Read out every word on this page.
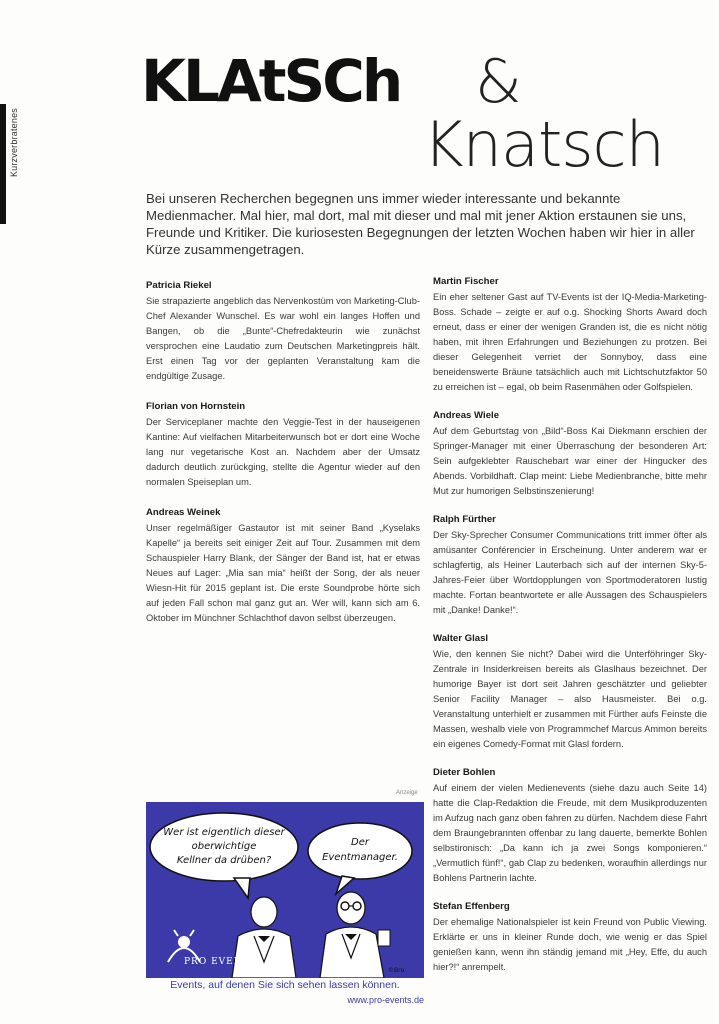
Kurzverbratenes
KLAtSCh &
Knatsch

Bei unseren Recherchen begegnen uns immer wieder interessante und bekannte Medienmacher. Mal hier, mal dort, mal mit dieser und mal mit jener Aktion erstaunen sie uns, Freunde und Kritiker. Die kuriosesten Begegnungen der letzten Wochen haben wir hier in aller Kürze zusammengetragen.

Patricia Riekel

Sie strapazierte angeblich das Nervenkostüm von Marketing-Club-Chef Alexander Wunschel. Es war wohl ein langes Hoffen und Bangen, ob die „Bunte“-Chefredakteurin wie zunächst versprochen eine Laudatio zum Deutschen Marketingpreis hält. Erst einen Tag vor der geplanten Veranstaltung kam die endgültige Zusage.

Florian von Hornstein

Der Serviceplaner machte den Veggie-Test in der hauseigenen Kantine: Auf vielfachen Mitarbeiterwunsch bot er dort eine Woche lang nur vegetarische Kost an. Nachdem aber der Umsatz dadurch deutlich zurückging, stellte die Agentur wieder auf den normalen Speiseplan um.

Andreas Weinek

Unser regelmäßiger Gastautor ist mit seiner Band „Kyselaks Kapelle“ ja bereits seit einiger Zeit auf Tour. Zusammen mit dem Schauspieler Harry Blank, der Sänger der Band ist, hat er etwas Neues auf Lager: „Mia san mia“ heißt der Song, der als neuer Wiesn-Hit für 2015 geplant ist. Die erste Soundprobe hörte sich auf jeden Fall schon mal ganz gut an. Wer will, kann sich am 6. Oktober im Münchner Schlachthof davon selbst überzeugen.

Martin Fischer

Ein eher seltener Gast auf TV-Events ist der IQ-Media-Marketing-Boss. Schade – zeigte er auf o.g. Shocking Shorts Award doch erneut, dass er einer der wenigen Granden ist, die es nicht nötig haben, mit ihren Erfahrungen und Beziehungen zu protzen. Bei dieser Gelegenheit verriet der Sonnyboy, dass eine beneidenswerte Bräune tatsächlich auch mit Lichtschutzfaktor 50 zu erreichen ist – egal, ob beim Rasenmähen oder Golfspielen.

Andreas Wiele

Auf dem Geburtstag von „Bild“-Boss Kai Diekmann erschien der Springer-Manager mit einer Überraschung der besonderen Art: Sein aufgeklebter Rauschebart war einer der Hingucker des Abends. Vorbildhaft. Clap meint: Liebe Medienbranche, bitte mehr Mut zur humorigen Selbstinszenierung!

Ralph Fürther

Der Sky-Sprecher Consumer Communications tritt immer öfter als amüsanter Conférencier in Erscheinung. Unter anderem war er schlagfertig, als Heiner Lauterbach sich auf der internen Sky-5-Jahres-Feier über Wortdopplungen von Sportmoderatoren lustig machte. Fortan beantwortete er alle Aussagen des Schauspielers mit „Danke! Danke!“.

Walter Glasl

Wie, den kennen Sie nicht? Dabei wird die Unterföhringer Sky-Zentrale in Insiderkreisen bereits als Glaslhaus bezeichnet. Der humorige Bayer ist dort seit Jahren geschätzter und geliebter Senior Facility Manager – also Hausmeister. Bei o.g. Veranstaltung unterhielt er zusammen mit Fürther aufs Feinste die Massen, weshalb viele von Programmchef Marcus Ammon bereits ein eigenes Comedy-Format mit Glasl fordern.

Dieter Bohlen

Auf einem der vielen Medienevents (siehe dazu auch Seite 14) hatte die Clap-Redaktion die Freude, mit dem Musikproduzenten im Aufzug nach ganz oben fahren zu dürfen. Nachdem diese Fahrt dem Braungebrannten offenbar zu lang dauerte, bemerkte Bohlen selbstironisch: „Da kann ich ja zwei Songs komponieren.“ „Vermutlich fünf!“, gab Clap zu bedenken, woraufhin allerdings nur Bohlens Partnerin lachte.

Stefan Effenberg

Der ehemalige Nationalspieler ist kein Freund von Public Viewing. Erklärte er uns in kleiner Runde doch, wie wenig er das Spiel genießen kann, wenn ihn ständig jemand mit „Hey, Effe, du auch hier?!“ anrempelt.

Anzeige
Wer ist eigentlich dieser
oberwichtige
Kellner da drüben?
Der
Eventmanager.
PRO EVENTS
©Bro
Events, auf denen Sie sich sehen lassen können.
www.pro-events.de
